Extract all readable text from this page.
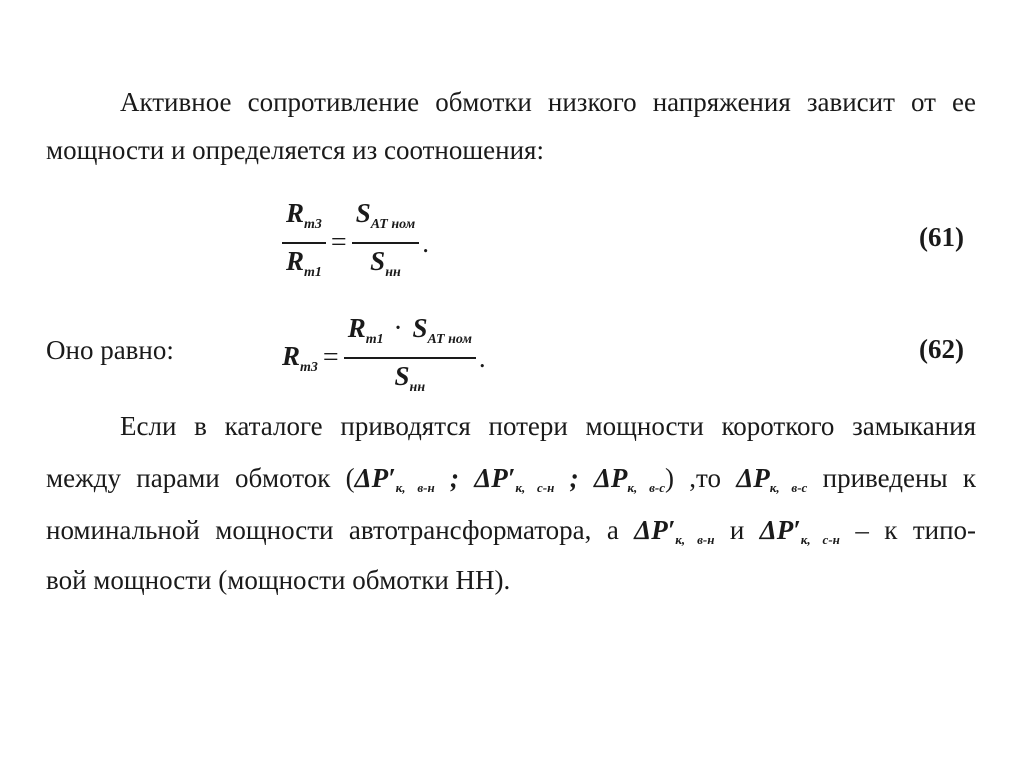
Активное сопротивление обмотки низкого напряжения зависит от ее
мощности и определяется из соотношения:
$\frac{R_{т3}}{R_{т1}} = \frac{S_{AT ном}}{S_{нн}}$ .	(61)
Оно равно:	$R_{т3} = \frac{R_{т1} \cdot S_{AT ном}}{S_{нн}}$ .	(62)
Если в каталоге приводятся потери мощности короткого замыкания
между парами обмоток ($\Delta P'_{к, в-н}$ ; $\Delta P'_{к, с-н}$ ; $\Delta P_{к, в-с}$) ,то $\Delta P_{к, в-с}$ приведены к
номинальной мощности автотрансформатора, а $\Delta P'_{к, в-н}$ и $\Delta P'_{к, с-н}$ – к типо-
вой мощности (мощности обмотки НН).
